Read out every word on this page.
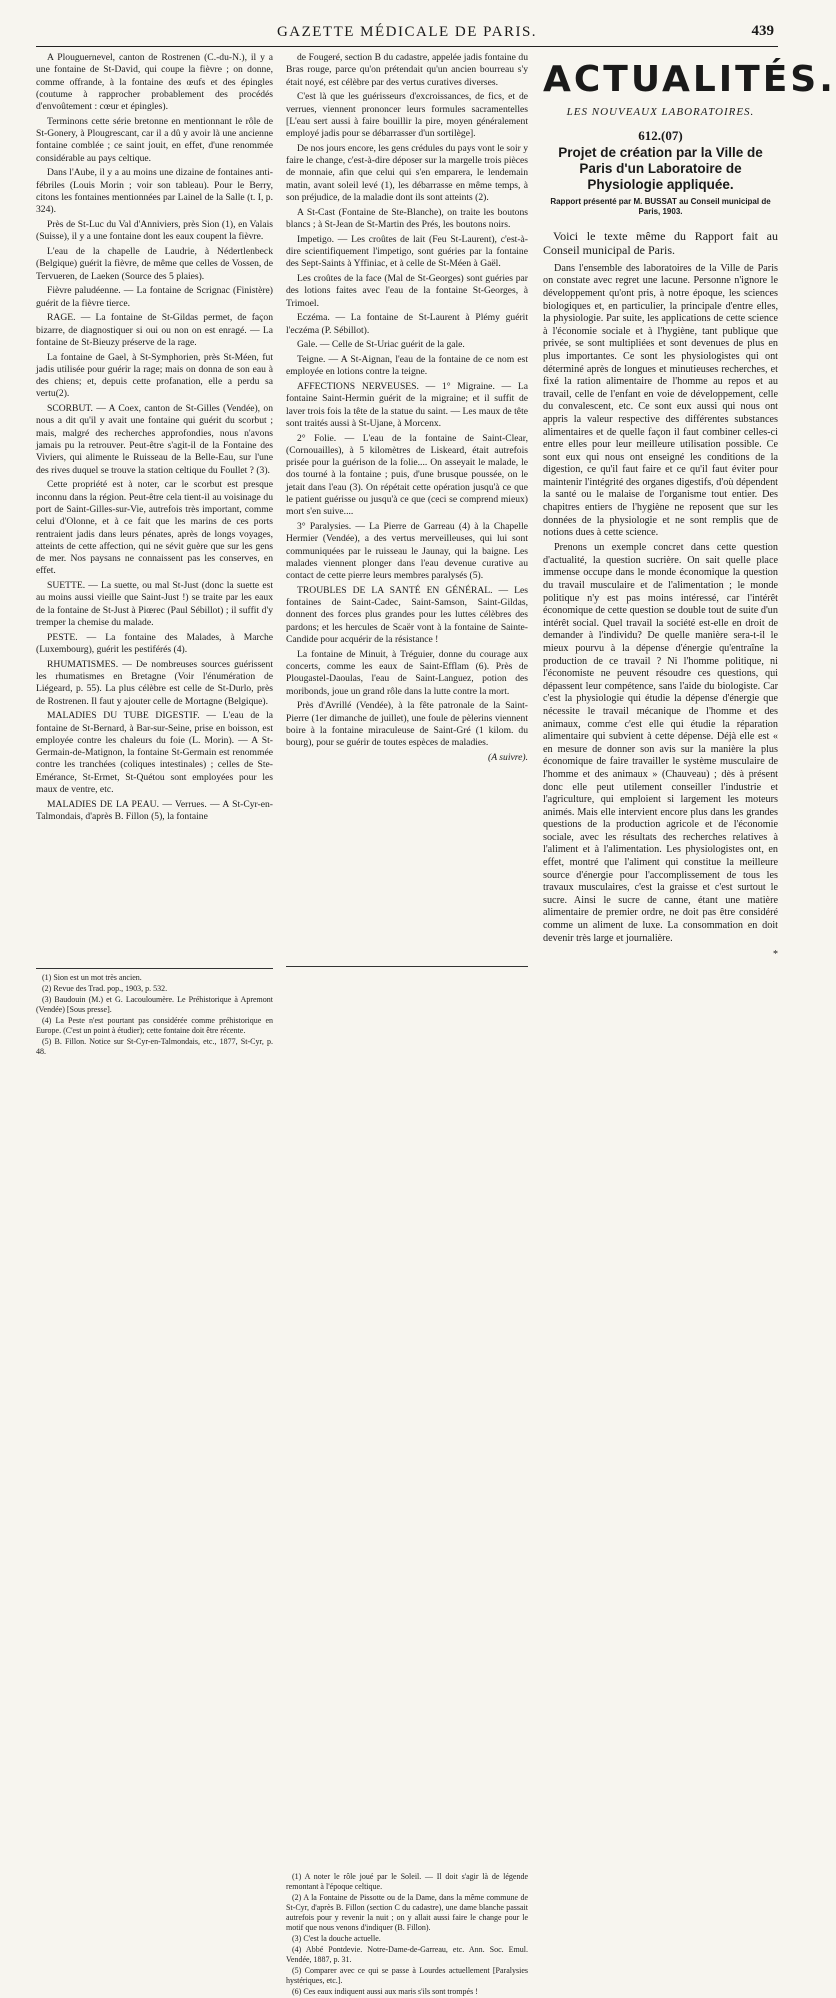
GAZETTE MÉDICALE DE PARIS.	439

A Plouguernevel, canton de Rostrenen (C.-du-N.), il y a une fontaine de St-David, qui coupe la fièvre ; on donne, comme offrande, à la fontaine des œufs et des épingles (coutume à rapprocher probablement des procédés d'envoûtement : cœur et épingles).

Terminons cette série bretonne en mentionnant le rôle de St-Gonery, à Plougrescant, car il a dû y avoir là une ancienne fontaine comblée ; ce saint jouit, en effet, d'une renommée considérable au pays celtique.

Dans l'Aube, il y a au moins une dizaine de fontaines anti-fébriles (Louis Morin ; voir son tableau). Pour le Berry, citons les fontaines mentionnées par Lainel de la Salle (t. I, p. 324).

Près de St-Luc du Val d'Anniviers, près Sion (1), en Valais (Suisse), il y a une fontaine dont les eaux coupent la fièvre.

L'eau de la chapelle de Laudrie, à Nédertlenbeck (Belgique) guérit la fièvre, de même que celles de Vossen, de Tervueren, de Laeken (Source des 5 plaies).

Fièvre paludéenne. — La fontaine de Scrignac (Finistère) guérit de la fièvre tierce.

RAGE. — La fontaine de St-Gildas permet, de façon bizarre, de diagnostiquer si oui ou non on est enragé. — La fontaine de St-Bieuzy préserve de la rage.

La fontaine de Gael, à St-Symphorien, près St-Méen, fut jadis utilisée pour guérir la rage; mais on donna de son eau à des chiens; et, depuis cette profanation, elle a perdu sa vertu(2).

SCORBUT. — A Coex, canton de St-Gilles (Vendée), on nous a dit qu'il y avait une fontaine qui guérit du scorbut ; mais, malgré des recherches approfondies, nous n'avons jamais pu la retrouver. Peut-être s'agit-il de la Fontaine des Viviers, qui alimente le Ruisseau de la Belle-Eau, sur l'une des rives duquel se trouve la station celtique du Foullet ? (3).

Cette propriété est à noter, car le scorbut est presque inconnu dans la région. Peut-être cela tient-il au voisinage du port de Saint-Gilles-sur-Vie, autrefois très important, comme celui d'Olonne, et à ce fait que les marins de ces ports rentraient jadis dans leurs pénates, après de longs voyages, atteints de cette affection, qui ne sévit guère que sur les gens de mer. Nos paysans ne connaissent pas les conserves, en effet.

SUETTE. — La suette, ou mal St-Just (donc la suette est au moins aussi vieille que Saint-Just !) se traite par les eaux de la fontaine de St-Just à Piœrec (Paul Sébillot) ; il suffit d'y tremper la chemise du malade.

PESTE. — La fontaine des Malades, à Marche (Luxembourg), guérit les pestiférés (4).

RHUMATISMES. — De nombreuses sources guérissent les rhumatismes en Bretagne (Voir l'énumération de Liégeard, p. 55). La plus célèbre est celle de St-Durlo, près de Rostrenen. Il faut y ajouter celle de Mortagne (Belgique).

MALADIES DU TUBE DIGESTIF. — L'eau de la fontaine de St-Bernard, à Bar-sur-Seine, prise en boisson, est employée contre les chaleurs du foie (L. Morin). — A St-Germain-de-Matignon, la fontaine St-Germain est renommée contre les tranchées (coliques intestinales) ; celles de Ste-Emérance, St-Ermet, St-Quétou sont employées pour les maux de ventre, etc.

MALADIES DE LA PEAU. — Verrues. — A St-Cyr-en-Talmondais, d'après B. Fillon (5), la fontaine

(1) Sion est un mot très ancien.
(2) Revue des Trad. pop., 1903, p. 532.
(3) Baudouin (M.) et G. Lacouloumère. Le Préhistorique à Apremont (Vendée) [Sous presse].
(4) La Peste n'est pourtant pas considérée comme préhistorique en Europe. (C'est un point à étudier); cette fontaine doit être récente.
(5) B. Fillon. Notice sur St-Cyr-en-Talmondais, etc., 1877, St-Cyr, p. 48.

de Fougeré, section B du cadastre, appelée jadis fontaine du Bras rouge, parce qu'on prétendait qu'un ancien bourreau s'y était noyé, est célèbre par des vertus curatives diverses.

C'est là que les guérisseurs d'excroissances, de fics, et de verrues, viennent prononcer leurs formules sacramentelles [L'eau sert aussi à faire bouillir la pire, moyen généralement employé jadis pour se débarrasser d'un sortilège].

De nos jours encore, les gens crédules du pays vont le soir y faire le change, c'est-à-dire déposer sur la margelle trois pièces de monnaie, afin que celui qui s'en emparera, le lendemain matin, avant soleil levé (1), les débarrasse en même temps, à son préjudice, de la maladie dont ils sont atteints (2).

A St-Cast (Fontaine de Ste-Blanche), on traite les boutons blancs ; à St-Jean de St-Martin des Prés, les boutons noirs.

Impetigo. — Les croûtes de lait (Feu St-Laurent), c'est-à-dire scientifiquement l'impetigo, sont guéries par la fontaine des Sept-Saints à Yffiniac, et à celle de St-Méen à Gaël.

Les croûtes de la face (Mal de St-Georges) sont guéries par des lotions faites avec l'eau de la fontaine St-Georges, à Trimoel.

Eczéma. — La fontaine de St-Laurent à Plémy guérit l'eczéma (P. Sébillot).

Gale. — Celle de St-Uriac guérit de la gale.

Teigne. — A St-Aignan, l'eau de la fontaine de ce nom est employée en lotions contre la teigne.

AFFECTIONS NERVEUSES. — 1° Migraine. — La fontaine Saint-Hermin guérit de la migraine; et il suffit de laver trois fois la tête de la statue du saint. — Les maux de tête sont traités aussi à St-Ujane, à Morcenx.

2° Folie. — L'eau de la fontaine de Saint-Clear, (Cornouailles), à 5 kilomètres de Liskeard, était autrefois prisée pour la guérison de la folie.... On asseyait le malade, le dos tourné à la fontaine ; puis, d'une brusque poussée, on le jetait dans l'eau (3). On répétait cette opération jusqu'à ce que le patient guérisse ou jusqu'à ce que (ceci se comprend mieux) mort s'en suive....

3° Paralysies. — La Pierre de Garreau (4) à la Chapelle Hermier (Vendée), a des vertus merveilleuses, qui lui sont communiquées par le ruisseau le Jaunay, qui la baigne. Les malades viennent plonger dans l'eau devenue curative au contact de cette pierre leurs membres paralysés (5).

TROUBLES DE LA SANTÉ EN GÉNÉRAL. — Les fontaines de Saint-Cadec, Saint-Samson, Saint-Gildas, donnent des forces plus grandes pour les luttes célèbres des pardons; et les hercules de Scaër vont à la fontaine de Sainte-Candide pour acquérir de la résistance !

La fontaine de Minuit, à Tréguier, donne du courage aux concerts, comme les eaux de Saint-Efflam (6). Près de Plougastel-Daoulas, l'eau de Saint-Languez, potion des moribonds, joue un grand rôle dans la lutte contre la mort.

Près d'Avrillé (Vendée), à la fête patronale de la Saint-Pierre (1er dimanche de juillet), une foule de pèlerins viennent boire à la fontaine miraculeuse de Saint-Gré (1 kilom. du bourg), pour se guérir de toutes espèces de maladies.

(A suivre).

(1) A noter le rôle joué par le Soleil. — Il doit s'agir là de légende remontant à l'époque celtique.
(2) A la Fontaine de Pissotte ou de la Dame, dans la même commune de St-Cyr, d'après B. Fillon (section C du cadastre), une dame blanche passait autrefois pour y revenir la nuit ; on y allait aussi faire le change pour le motif que nous venons d'indiquer (B. Fillon).
(3) C'est la douche actuelle.
(4) Abbé Pontdevie. Notre-Dame-de-Garreau, etc. Ann. Soc. Emul. Vendée, 1887, p. 31.
(5) Comparer avec ce qui se passe à Lourdes actuellement [Paralysies hystériques, etc.].
(6) Ces eaux indiquent aussi aux maris s'ils sont trompés !
ACTUALITÉS.
LES NOUVEAUX LABORATOIRES.
612.(07)
Projet de création par la Ville de Paris d'un Laboratoire de Physiologie appliquée.
Rapport présenté par M. BUSSAT au Conseil municipal de Paris, 1903.

Voici le texte même du Rapport fait au Conseil municipal de Paris.

Dans l'ensemble des laboratoires de la Ville de Paris on constate avec regret une lacune. Personne n'ignore le développement qu'ont pris, à notre époque, les sciences biologiques et, en particulier, la principale d'entre elles, la physiologie. Par suite, les applications de cette science à l'économie sociale et à l'hygiène, tant publique que privée, se sont multipliées et sont devenues de plus en plus importantes. Ce sont les physiologistes qui ont déterminé après de longues et minutieuses recherches, et fixé la ration alimentaire de l'homme au repos et au travail, celle de l'enfant en voie de développement, celle du convalescent, etc. Ce sont eux aussi qui nous ont appris la valeur respective des différentes substances alimentaires et de quelle façon il faut combiner celles-ci entre elles pour leur meilleure utilisation possible. Ce sont eux qui nous ont enseigné les conditions de la digestion, ce qu'il faut faire et ce qu'il faut éviter pour maintenir l'intégrité des organes digestifs, d'où dépendent la santé ou le malaise de l'organisme tout entier. Des chapitres entiers de l'hygiène ne reposent que sur les données de la physiologie et ne sont remplis que de notions dues à cette science.

Prenons un exemple concret dans cette question d'actualité, la question sucrière. On sait quelle place immense occupe dans le monde économique la question du travail musculaire et de l'alimentation ; le monde politique n'y est pas moins intéressé, car l'intérêt économique de cette question se double tout de suite d'un intérêt social. Quel travail la société est-elle en droit de demander à l'individu? De quelle manière sera-t-il le mieux pourvu à la dépense d'énergie qu'entraîne la production de ce travail ? Ni l'homme politique, ni l'économiste ne peuvent résoudre ces questions, qui dépassent leur compétence, sans l'aide du biologiste. Car c'est la physiologie qui étudie la dépense d'énergie que nécessite le travail mécanique de l'homme et des animaux, comme c'est elle qui étudie la réparation alimentaire qui subvient à cette dépense. Déjà elle est « en mesure de donner son avis sur la manière la plus économique de faire travailler le système musculaire de l'homme et des animaux » (Chauveau) ; dès à présent donc elle peut utilement conseiller l'industrie et l'agriculture, qui emploient si largement les moteurs animés. Mais elle intervient encore plus dans les grandes questions de la production agricole et de l'économie sociale, avec les résultats des recherches relatives à l'aliment et à l'alimentation. Les physiologistes ont, en effet, montré que l'aliment qui constitue la meilleure source d'énergie pour l'accomplissement de tous les travaux musculaires, c'est la graisse et c'est surtout le sucre. Ainsi le sucre de canne, étant une matière alimentaire de premier ordre, ne doit pas être considéré comme un aliment de luxe. La consommation en doit devenir très large et journalière.

*
